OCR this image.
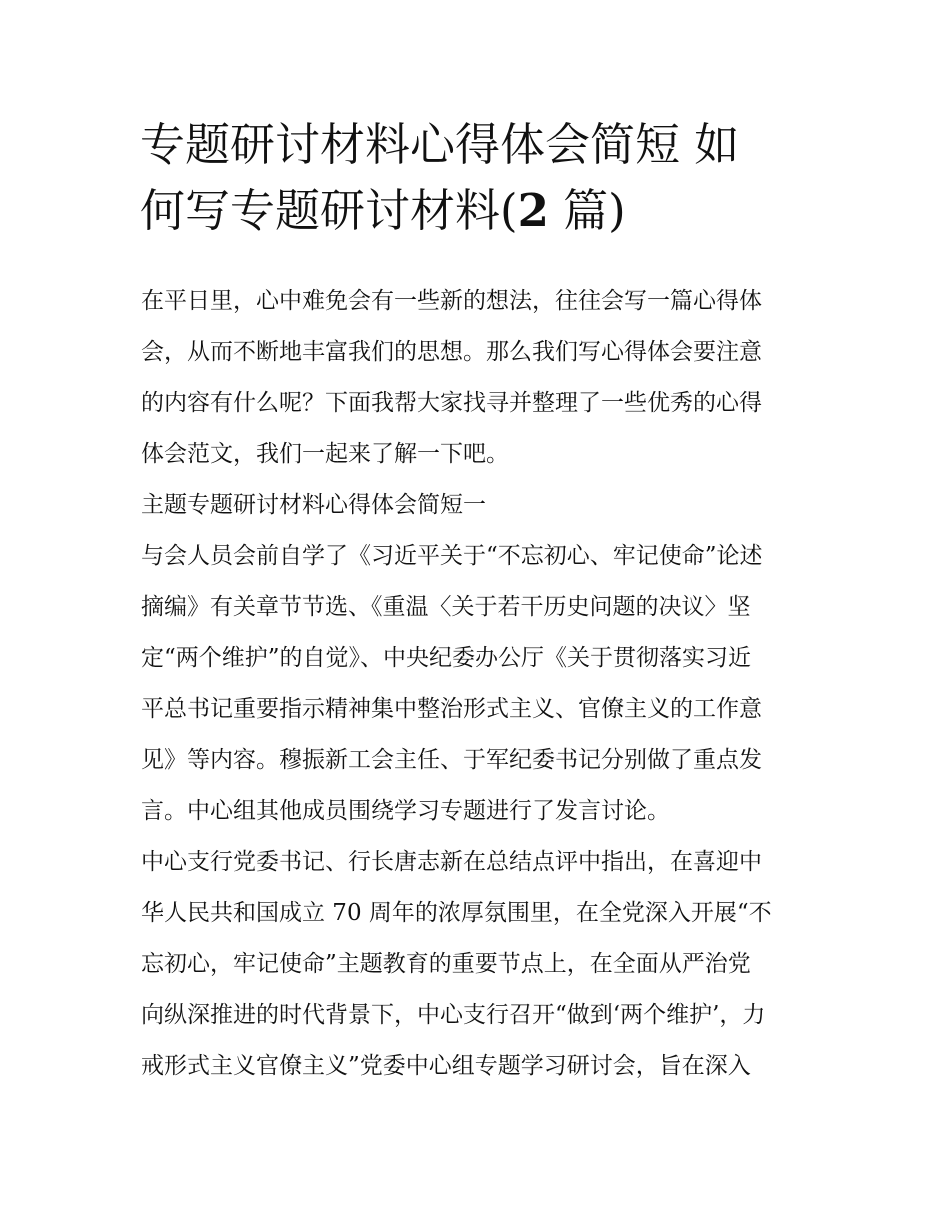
专题研讨材料心得体会简短 如
何写专题研讨材料(2 篇)
在平日里，心中难免会有一些新的想法，往往会写一篇心得体
会，从而不断地丰富我们的思想。那么我们写心得体会要注意
的内容有什么呢？下面我帮大家找寻并整理了一些优秀的心得
体会范文，我们一起来了解一下吧。
主题专题研讨材料心得体会简短一
与会人员会前自学了《习近平关于“不忘初心、牢记使命”论述
摘编》有关章节节选、《重温〈关于若干历史问题的决议〉坚
定“两个维护”的自觉》、中央纪委办公厅《关于贯彻落实习近
平总书记重要指示精神集中整治形式主义、官僚主义的工作意
见》等内容。穆振新工会主任、于军纪委书记分别做了重点发
言。中心组其他成员围绕学习专题进行了发言讨论。
中心支行党委书记、行长唐志新在总结点评中指出，在喜迎中
华人民共和国成立 70 周年的浓厚氛围里，在全党深入开展“不
忘初心，牢记使命”主题教育的重要节点上，在全面从严治党
向纵深推进的时代背景下，中心支行召开“做到‘两个维护’，力
戒形式主义官僚主义”党委中心组专题学习研讨会，旨在深入
